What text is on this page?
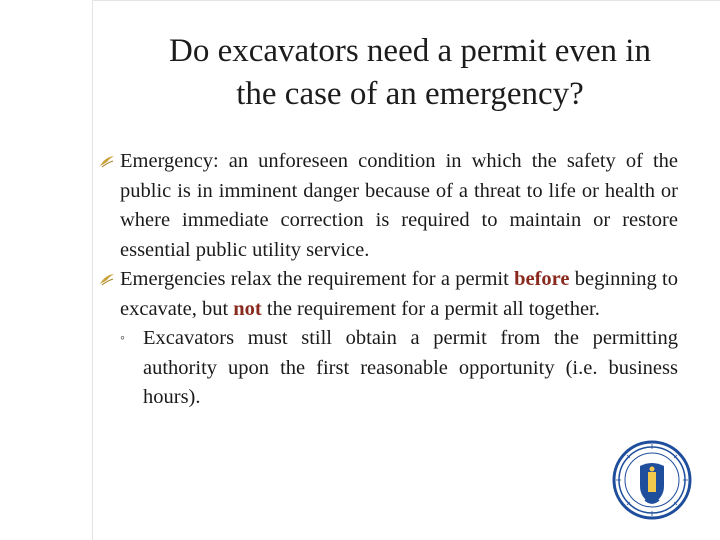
Do excavators need a permit even in
the case of an emergency?
Emergency: an unforeseen condition in which the safety of the public is in imminent danger because of a threat to life or health or where immediate correction is required to maintain or restore essential public utility service.
Emergencies relax the requirement for a permit before beginning to excavate, but not the requirement for a permit all together.
◦ Excavators must still obtain a permit from the permitting authority upon the first reasonable opportunity (i.e. business hours).
